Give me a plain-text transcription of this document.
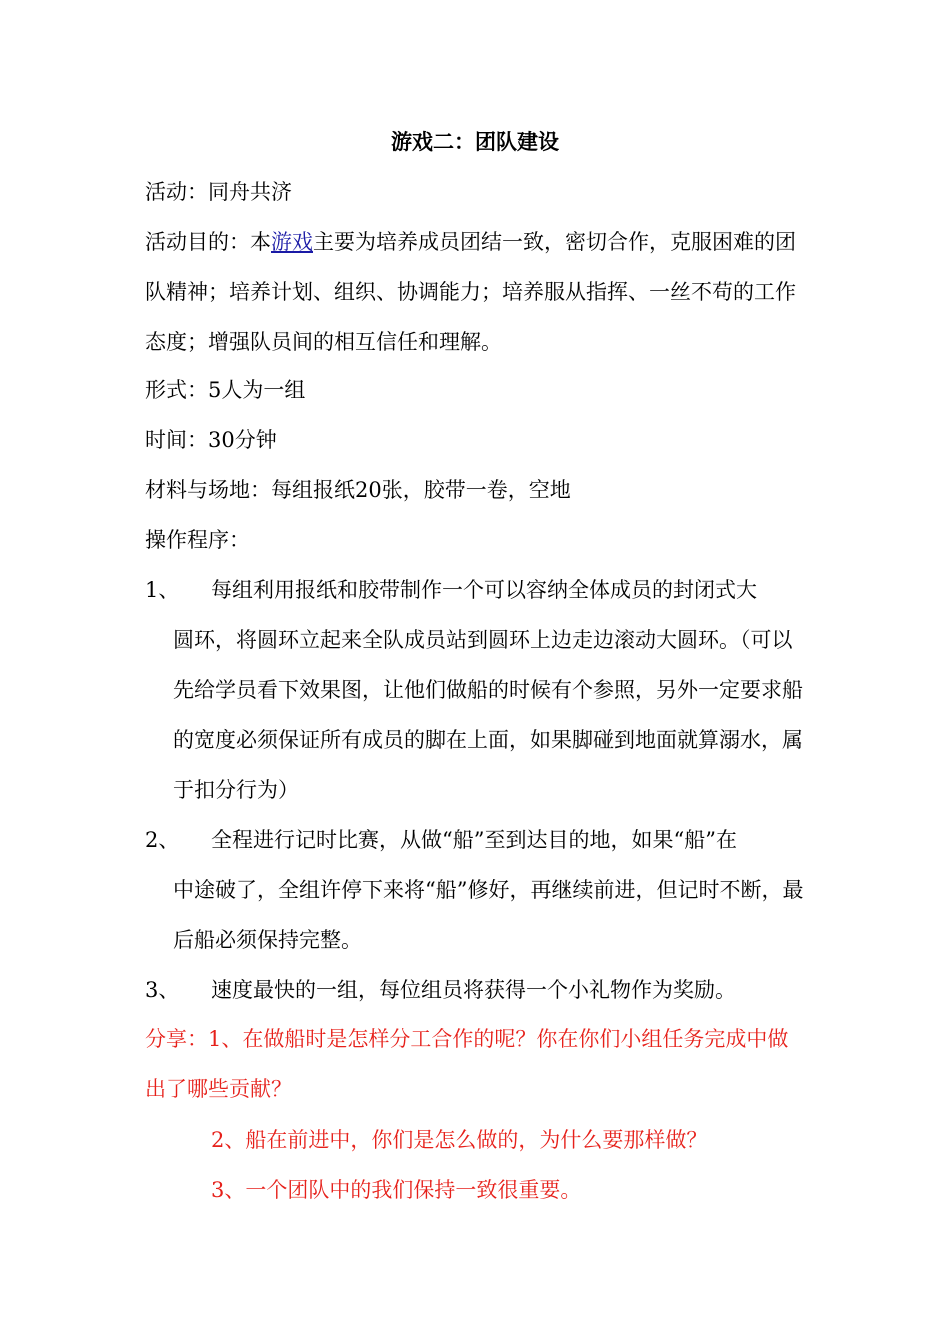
游戏二：团队建设
活动：同舟共济
活动目的：本游戏主要为培养成员团结一致，密切合作，克服困难的团队精神；培养计划、组织、协调能力；培养服从指挥、一丝不苟的工作态度；增强队员间的相互信任和理解。
形式：5人为一组
时间：30分钟
材料与场地：每组报纸20张，胶带一卷，空地
操作程序：
1、	每组利用报纸和胶带制作一个可以容纳全体成员的封闭式大
圆环，将圆环立起来全队成员站到圆环上边走边滚动大圆环。（可以先给学员看下效果图，让他们做船的时候有个参照，另外一定要求船的宽度必须保证所有成员的脚在上面，如果脚碰到地面就算溺水，属于扣分行为）
2、	全程进行记时比赛，从做“船”至到达目的地，如果“船”在
中途破了，全组许停下来将“船”修好，再继续前进，但记时不断，最后船必须保持完整。
3、	速度最快的一组，每位组员将获得一个小礼物作为奖励。
分享：1、在做船时是怎样分工合作的呢？你在你们小组任务完成中做出了哪些贡献？
2、船在前进中，你们是怎么做的，为什么要那样做？
3、一个团队中的我们保持一致很重要。
